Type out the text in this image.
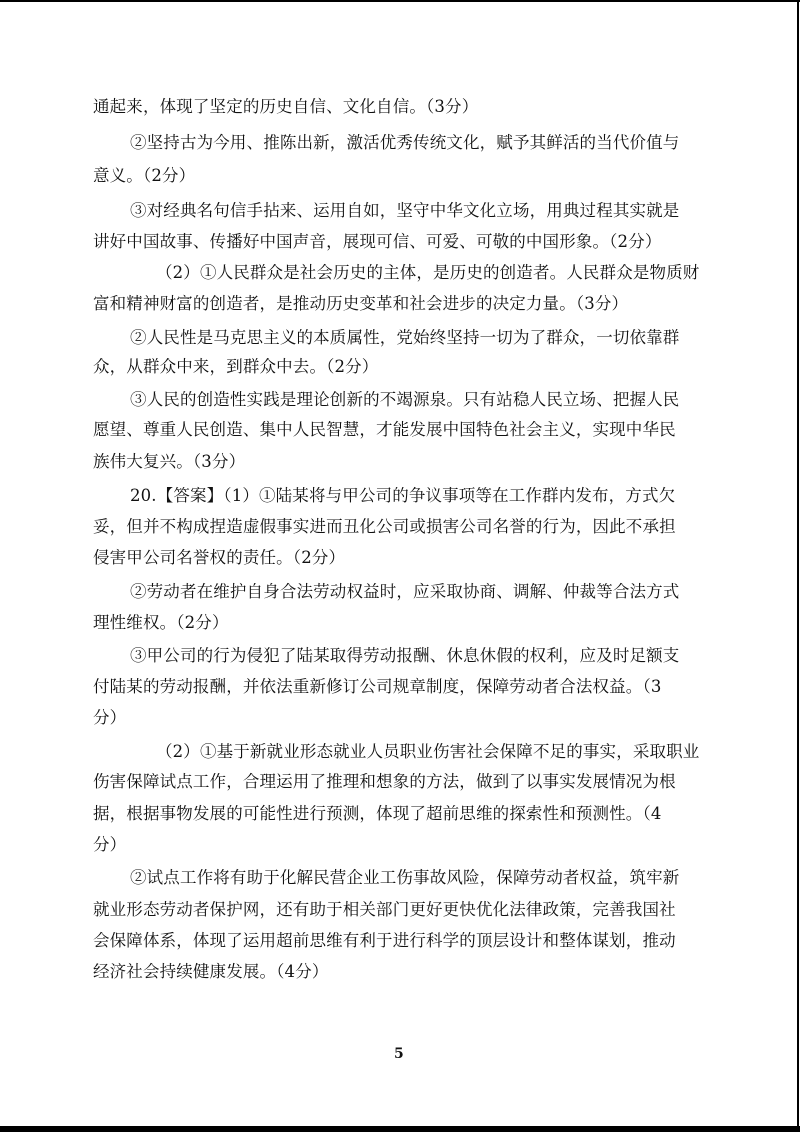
通起来，体现了坚定的历史自信、文化自信。（3分）
②坚持古为今用、推陈出新，激活优秀传统文化，赋予其鲜活的当代价值与
意义。（2分）
③对经典名句信手拈来、运用自如，坚守中华文化立场，用典过程其实就是
讲好中国故事、传播好中国声音，展现可信、可爱、可敬的中国形象。（2分）
（2）①人民群众是社会历史的主体，是历史的创造者。人民群众是物质财
富和精神财富的创造者，是推动历史变革和社会进步的决定力量。（3分）
②人民性是马克思主义的本质属性，党始终坚持一切为了群众，一切依靠群
众，从群众中来，到群众中去。（2分）
③人民的创造性实践是理论创新的不竭源泉。只有站稳人民立场、把握人民
愿望、尊重人民创造、集中人民智慧，才能发展中国特色社会主义，实现中华民
族伟大复兴。（3分）
20.【答案】（1）①陆某将与甲公司的争议事项等在工作群内发布，方式欠
妥，但并不构成捏造虚假事实进而丑化公司或损害公司名誉的行为，因此不承担
侵害甲公司名誉权的责任。（2分）
②劳动者在维护自身合法劳动权益时，应采取协商、调解、仲裁等合法方式
理性维权。（2分）
③甲公司的行为侵犯了陆某取得劳动报酬、休息休假的权利，应及时足额支
付陆某的劳动报酬，并依法重新修订公司规章制度，保障劳动者合法权益。（3
分）
（2）①基于新就业形态就业人员职业伤害社会保障不足的事实，采取职业
伤害保障试点工作，合理运用了推理和想象的方法，做到了以事实发展情况为根
据，根据事物发展的可能性进行预测，体现了超前思维的探索性和预测性。（4
分）
②试点工作将有助于化解民营企业工伤事故风险，保障劳动者权益，筑牢新
就业形态劳动者保护网，还有助于相关部门更好更快优化法律政策，完善我国社
会保障体系，体现了运用超前思维有利于进行科学的顶层设计和整体谋划，推动
经济社会持续健康发展。（4分）
5
